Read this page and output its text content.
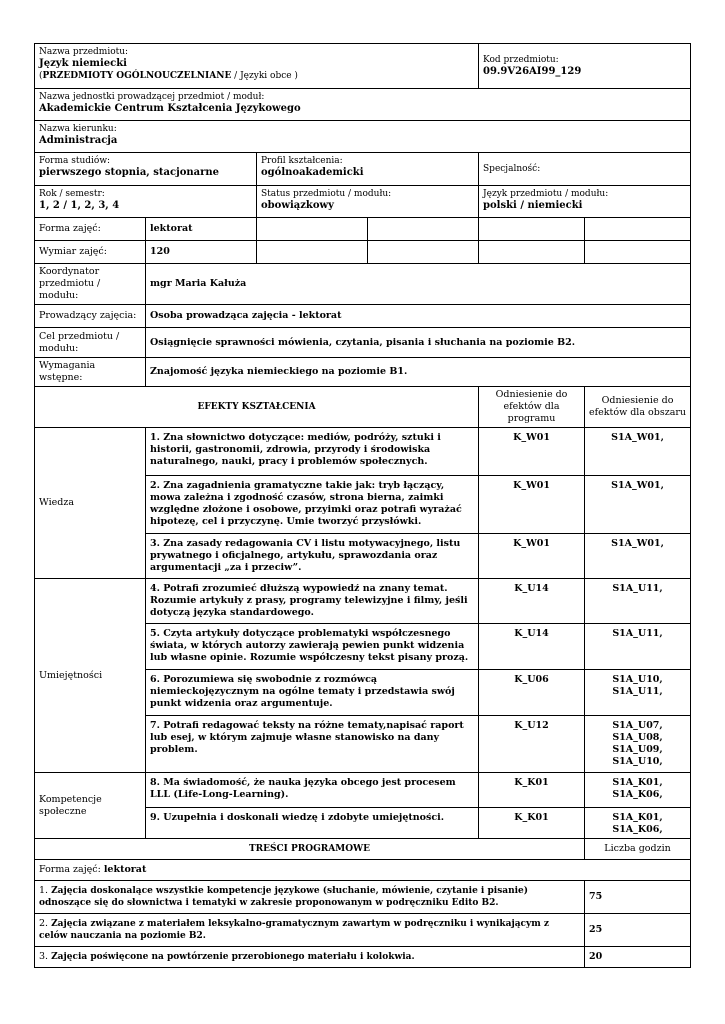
Nazwa przedmiotu:
Język niemiecki
(PRZEDMIOTY OGÓLNOUCZELNIANE / Języki obce )				Kod przedmiotu:
09.9V26AI99_129	

Nazwa jednostki prowadzącej przedmiot / moduł:
Akademickie Centrum Kształcenia Językowego					

Nazwa kierunku:
Administracja					

Forma studiów:
pierwszego stopnia, stacjonarne		Profil kształcenia:
ogólnoakademicki		Specjalność:	

Rok / semestr:
1, 2 / 1, 2, 3, 4		Status przedmiotu / modułu:
obowiązkowy		Język przedmiotu / modułu:
polski / niemiecki	

Forma zajęć:	lektorat				
Wymiar zajęć:	120				
Koordynator przedmiotu / modułu:	mgr Maria Kałuża				
Prowadzący zajęcia:	Osoba prowadząca zajęcia - lektorat				
Cel przedmiotu / modułu:	Osiągnięcie sprawności mówienia, czytania, pisania i słuchania na poziomie B2.				
Wymagania wstępne:	Znajomość języka niemieckiego na poziomie B1.				
EFEKTY KSZTAŁCENIA				Odniesienie do efektów dla programu	Odniesienie do efektów dla obszaru
Wiedza	1. Zna słownictwo dotyczące: mediów, podróży, sztuki i historii, gastronomii, zdrowia, przyrody i środowiska naturalnego, nauki, pracy i problemów społecznych.			K_W01	S1A_W01,
	2. Zna zagadnienia gramatyczne takie jak: tryb łączący, mowa zależna i zgodność czasów, strona bierna, zaimki względne złożone i osobowe, przyimki oraz potrafi wyrażać hipotezę, cel i przyczynę. Umie tworzyć przysłówki.			K_W01	S1A_W01,
	3. Zna zasady redagowania CV i listu motywacyjnego, listu prywatnego i oficjalnego, artykułu, sprawozdania oraz argumentacji „za i przeciw”.			K_W01	S1A_W01,
Umiejętności	4. Potrafi zrozumieć dłuższą wypowiedź na znany temat. Rozumie artykuły z prasy, programy telewizyjne i filmy, jeśli dotyczą języka standardowego.			K_U14	S1A_U11,
	5. Czyta artykuły dotyczące problematyki współczesnego świata, w których autorzy zawierają pewien punkt widzenia lub własne opinie. Rozumie współczesny tekst pisany prozą.			K_U14	S1A_U11,
	6. Porozumiewa się swobodnie z rozmówcą niemieckojęzycznym na ogólne tematy i przedstawia swój punkt widzenia oraz argumentuje.			K_U06	S1A_U10,
S1A_U11,
	7. Potrafi redagować teksty na różne tematy,napisać raport lub esej, w którym zajmuje własne stanowisko na dany problem.			K_U12	S1A_U07,
S1A_U08,
S1A_U09,
S1A_U10,
Kompetencje społeczne	8. Ma świadomość, że nauka języka obcego jest procesem LLL (Life-Long-Learning).			K_K01	S1A_K01,
S1A_K06,
	9. Uzupełnia i doskonali wiedzę i zdobyte umiejętności.			K_K01	S1A_K01,
S1A_K06,
TREŚCI PROGRAMOWE					Liczba godzin
Forma zajęć: lektorat					
1. Zajęcia doskonalące wszystkie kompetencje językowe (słuchanie, mówienie, czytanie i pisanie) odnoszące się do słownictwa i tematyki w zakresie proponowanym w podręczniku Edito B2.					75
2. Zajęcia związane z materiałem leksykalno-gramatycznym zawartym w podręczniku i wynikającym z celów nauczania na poziomie B2.					25
3. Zajęcia poświęcone na powtórzenie przerobionego materiału i kolokwia.					20
